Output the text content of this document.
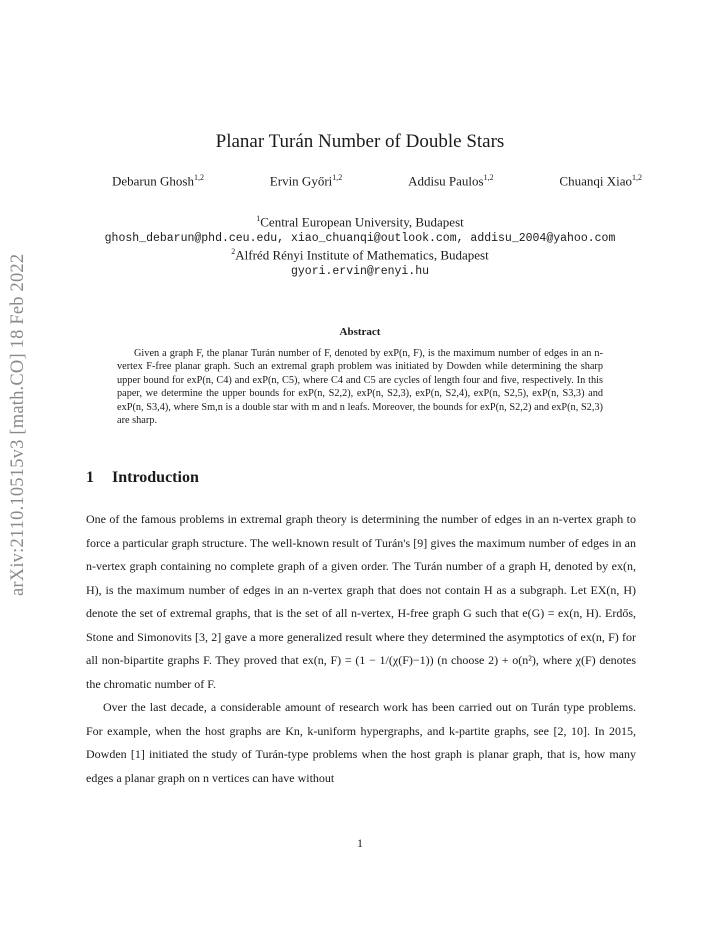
arXiv:2110.10515v3 [math.CO] 18 Feb 2022
Planar Turán Number of Double Stars
Debarun Ghosh$^{1,2}$	Ervin Győri$^{1,2}$	Addisu Paulos$^{1,2}$	Chuanqi Xiao$^{1,2}$
$^1$Central European University, Budapest
ghosh_debarun@phd.ceu.edu, xiao_chuanqi@outlook.com, addisu_2004@yahoo.com
$^2$Alfréd Rényi Institute of Mathematics, Budapest
gyori.ervin@renyi.hu
Abstract
Given a graph F, the planar Turán number of F, denoted by exP(n, F), is the maximum number of edges in an n-vertex F-free planar graph. Such an extremal graph problem was initiated by Dowden while determining the sharp upper bound for exP(n, C4) and exP(n, C5), where C4 and C5 are cycles of length four and five, respectively. In this paper, we determine the upper bounds for exP(n, S2,2), exP(n, S2,3), exP(n, S2,4), exP(n, S2,5), exP(n, S3,3) and exP(n, S3,4), where Sm,n is a double star with m and n leafs. Moreover, the bounds for exP(n, S2,2) and exP(n, S2,3) are sharp.
1 Introduction

One of the famous problems in extremal graph theory is determining the number of edges in an n-vertex graph to force a particular graph structure. The well-known result of Turán's [9] gives the maximum number of edges in an n-vertex graph containing no complete graph of a given order. The Turán number of a graph H, denoted by ex(n, H), is the maximum number of edges in an n-vertex graph that does not contain H as a subgraph. Let EX(n, H) denote the set of extremal graphs, that is the set of all n-vertex, H-free graph G such that e(G) = ex(n, H). Erdős, Stone and Simonovits [3, 2] gave a more generalized result where they determined the asymptotics of ex(n, F) for all non-bipartite graphs F. They proved that ex(n, F) = (1 − 1/(χ(F)−1)) (n choose 2) + o(n²), where χ(F) denotes the chromatic number of F.

Over the last decade, a considerable amount of research work has been carried out on Turán type problems. For example, when the host graphs are Kn, k-uniform hypergraphs, and k-partite graphs, see [2, 10]. In 2015, Dowden [1] initiated the study of Turán-type problems when the host graph is planar graph, that is, how many edges a planar graph on n vertices can have without

1
